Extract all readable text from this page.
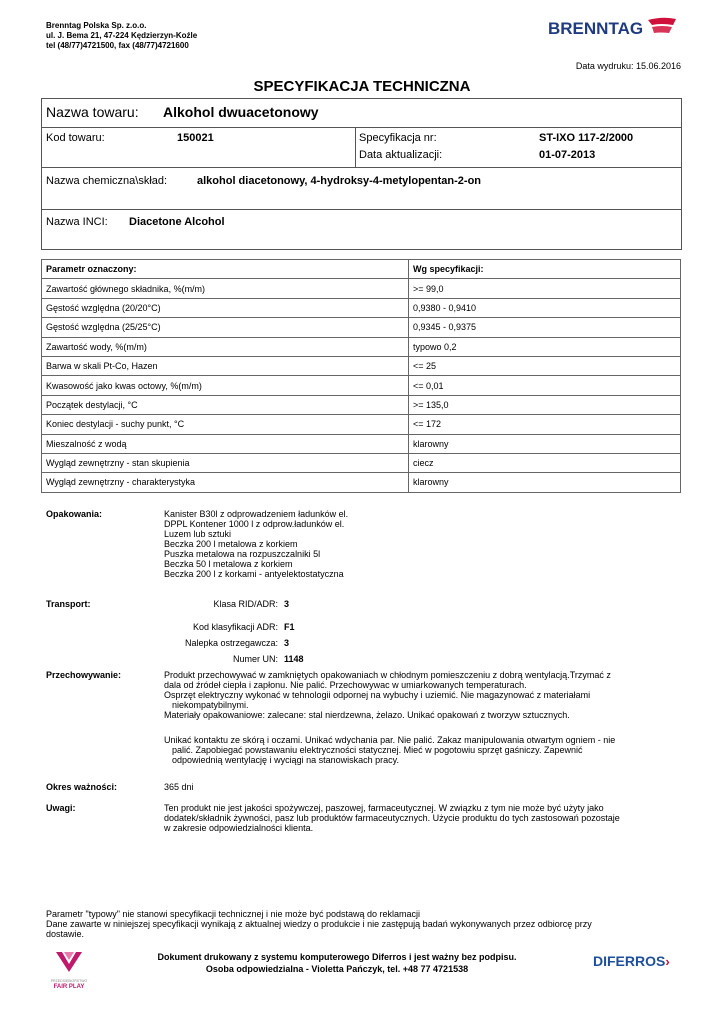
Brenntag Polska Sp. z.o.o.
ul. J. Bema 21, 47-224 Kędzierzyn-Koźle
tel (48/77)4721500, fax (48/77)4721600
BRENNTAG
Data wydruku: 15.06.2016
SPECYFIKACJA TECHNICZNA
Nazwa towaru: Alkohol dwuacetonowy
Kod towaru:	150021	Specyfikacja nr:	ST-IXO 117-2/2000
Data aktualizacji:	01-07-2013
Nazwa chemiczna\skład:	alkohol diacetonowy, 4-hydroksy-4-metylopentan-2-on
Nazwa INCI: Diacetone Alcohol
Parametr oznaczony:	Wg specyfikacji:
Zawartość głównego składnika, %(m/m)	>= 99,0
Gęstość względna (20/20°C)	0,9380 - 0,9410
Gęstość względna (25/25°C)	0,9345 - 0,9375
Zawartość wody, %(m/m)	typowo 0,2
Barwa w skali Pt-Co, Hazen	<= 25
Kwasowość jako kwas octowy, %(m/m)	<= 0,01
Początek destylacji, °C	>= 135,0
Koniec destylacji - suchy punkt, °C	<= 172
Mieszalność z wodą	klarowny
Wygląd zewnętrzny - stan skupienia	ciecz
Wygląd zewnętrzny - charakterystyka	klarowny
Opakowania:	Kanister B30l z odprowadzeniem ładunków el.
DPPL Kontener 1000 l z odprow.ładunków el.
Luzem lub sztuki
Beczka 200 l metalowa z korkiem
Puszka metalowa na rozpuszczalniki 5l
Beczka 50 l metalowa z korkiem
Beczka 200 l z korkami - antyelektostatyczna
Transport:	Klasa RID/ADR: 3
Kod klasyfikacji ADR: F1
Nalepka ostrzegawcza: 3
Numer UN: 1148
Przechowywanie:	Produkt przechowywać w zamkniętych opakowaniach w chłodnym pomieszczeniu z dobrą wentylacją.Trzymać z
dala od źródeł ciepła i zapłonu. Nie palić. Przechowywac w umiarkowanych temperaturach.
Osprzęt elektryczny wykonać w tehnologii odpornej na wybuchy i uziemić. Nie magazynować z materiałami
niekompatybilnymi.
Materiały opakowaniowe: zalecane: stal nierdzewna, żelazo. Unikać opakowań z tworzyw sztucznych.
Unikać kontaktu ze skórą i oczami. Unikać wdychania par. Nie palić. Zakaz manipulowania otwartym ogniem - nie
palić. Zapobiegać powstawaniu elektryczności statycznej. Mieć w pogotowiu sprzęt gaśniczy. Zapewnić
odpowiednią wentylację i wyciągi na stanowiskach pracy.
Okres ważności:	365 dni
Uwagi:	Ten produkt nie jest jakości spożywczej, paszowej, farmaceutycznej. W związku z tym nie może być użyty jako
dodatek/składnik żywności, pasz lub produktów farmaceutycznych. Użycie produktu do tych zastosowań pozostaje
w zakresie odpowiedzialności klienta.
Parametr "typowy" nie stanowi specyfikacji technicznej i nie może być podstawą do reklamacji
Dane zawarte w niniejszej specyfikacji wynikają z aktualnej wiedzy o produkcie i nie zastępują badań wykonywanych przez odbiorcę przy
dostawie.
PRZEDSIĘBIORSTWO
FAIR PLAY
Dokument drukowany z systemu komputerowego Diferros i jest ważny bez podpisu.
Osoba odpowiedzialna - Violetta Pańczyk, tel. +48 77 4721538	DIFERROS›
